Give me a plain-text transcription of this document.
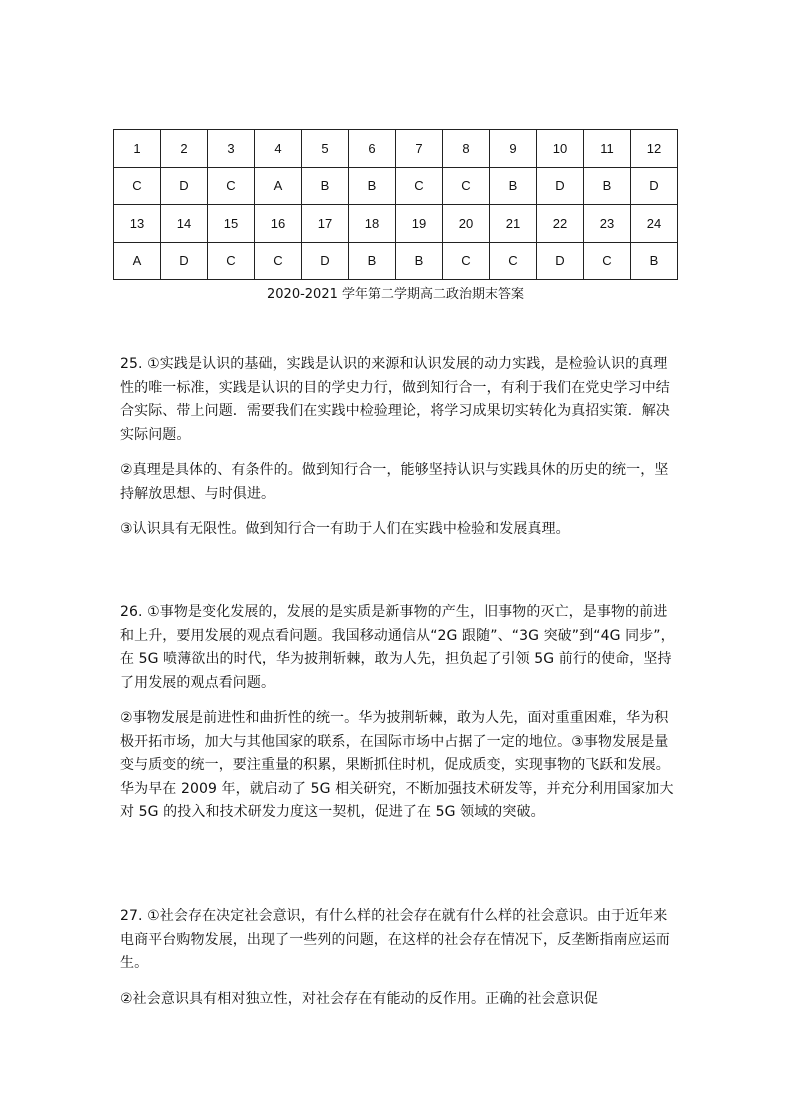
1	2	3	4	5	6	7	8	9	10	11	12
C	D	C	A	B	B	C	C	B	D	B	D
13	14	15	16	17	18	19	20	21	22	23	24
A	D	C	C	D	B	B	C	C	D	C	B
2020-2021 学年第二学期高二政治期末答案

25. ①实践是认识的基础，实践是认识的来源和认识发展的动力实践，是检验认识的真理性的唯一标准，实践是认识的目的学史力行，做到知行合一，有利于我们在党史学习中结合实际、带上问题．需要我们在实践中检验理论，将学习成果切实转化为真招实策．解决实际问题。

②真理是具体的、有条件的。做到知行合一，能够坚持认识与实践具休的历史的统一，坚持解放思想、与时俱进。

③认识具有无限性。做到知行合一有助于人们在实践中检验和发展真理。

26. ①事物是变化发展的，发展的是实质是新事物的产生，旧事物的灭亡，是事物的前进和上升，要用发展的观点看问题。我国移动通信从“2G 跟随”、“3G 突破”到“4G 同步”，在 5G 喷薄欲出的时代，华为披荆斩棘，敢为人先，担负起了引领 5G 前行的使命，坚持了用发展的观点看问题。

②事物发展是前进性和曲折性的统一。华为披荆斩棘，敢为人先，面对重重困难，华为积极开拓市场，加大与其他国家的联系，在国际市场中占据了一定的地位。③事物发展是量变与质变的统一，要注重量的积累，果断抓住时机，促成质变，实现事物的飞跃和发展。华为早在 2009 年，就启动了 5G 相关研究，不断加强技术研发等，并充分利用国家加大对 5G 的投入和技术研发力度这一契机，促进了在 5G 领域的突破。

27. ①社会存在决定社会意识，有什么样的社会存在就有什么样的社会意识。由于近年来电商平台购物发展，出现了一些列的问题，在这样的社会存在情况下，反垄断指南应运而生。

②社会意识具有相对独立性，对社会存在有能动的反作用。正确的社会意识促
